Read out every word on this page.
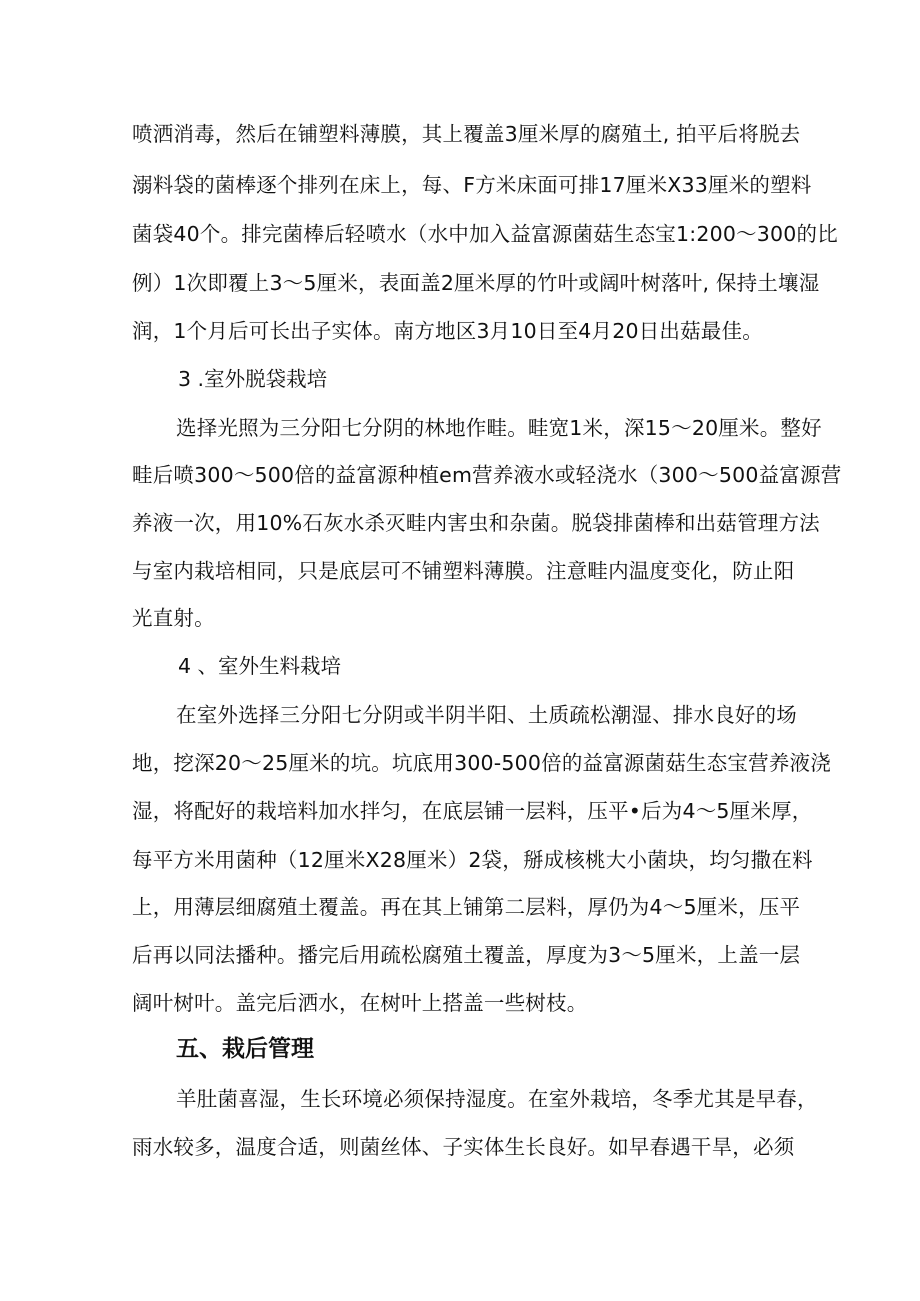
喷洒消毒，然后在铺塑料薄膜，其上覆盖3厘米厚的腐殖土, 拍平后将脱去
溺料袋的菌棒逐个排列在床上，每、F方米床面可排17厘米X33厘米的塑料
菌袋40个。排完菌棒后轻喷水（水中加入益富源菌菇生态宝1:200～300的比
例）1次即覆上3～5厘米，表面盖2厘米厚的竹叶或阔叶树落叶, 保持土壤湿
润，1个月后可长出子实体。南方地区3月10日至4月20日出菇最佳。
3 .室外脱袋栽培
选择光照为三分阳七分阴的林地作畦。畦宽1米，深15～20厘米。整好
畦后喷300～500倍的益富源种植em营养液水或轻浇水（300～500益富源营
养液一次，用10%石灰水杀灭畦内害虫和杂菌。脱袋排菌棒和出菇管理方法
与室内栽培相同，只是底层可不铺塑料薄膜。注意畦内温度变化，防止阳
光直射。
4 、室外生料栽培
在室外选择三分阳七分阴或半阴半阳、土质疏松潮湿、排水良好的场
地，挖深20～25厘米的坑。坑底用300-500倍的益富源菌菇生态宝营养液浇
湿，将配好的栽培料加水拌匀，在底层铺一层料，压平•后为4～5厘米厚，
每平方米用菌种（12厘米X28厘米）2袋，掰成核桃大小菌块，均匀撒在料
上，用薄层细腐殖土覆盖。再在其上铺第二层料，厚仍为4～5厘米，压平
后再以同法播种。播完后用疏松腐殖土覆盖，厚度为3～5厘米，上盖一层
阔叶树叶。盖完后洒水，在树叶上搭盖一些树枝。
五、栽后管理
羊肚菌喜湿，生长环境必须保持湿度。在室外栽培，冬季尤其是早春，
雨水较多，温度合适，则菌丝体、子实体生长良好。如早春遇干旱，必须
